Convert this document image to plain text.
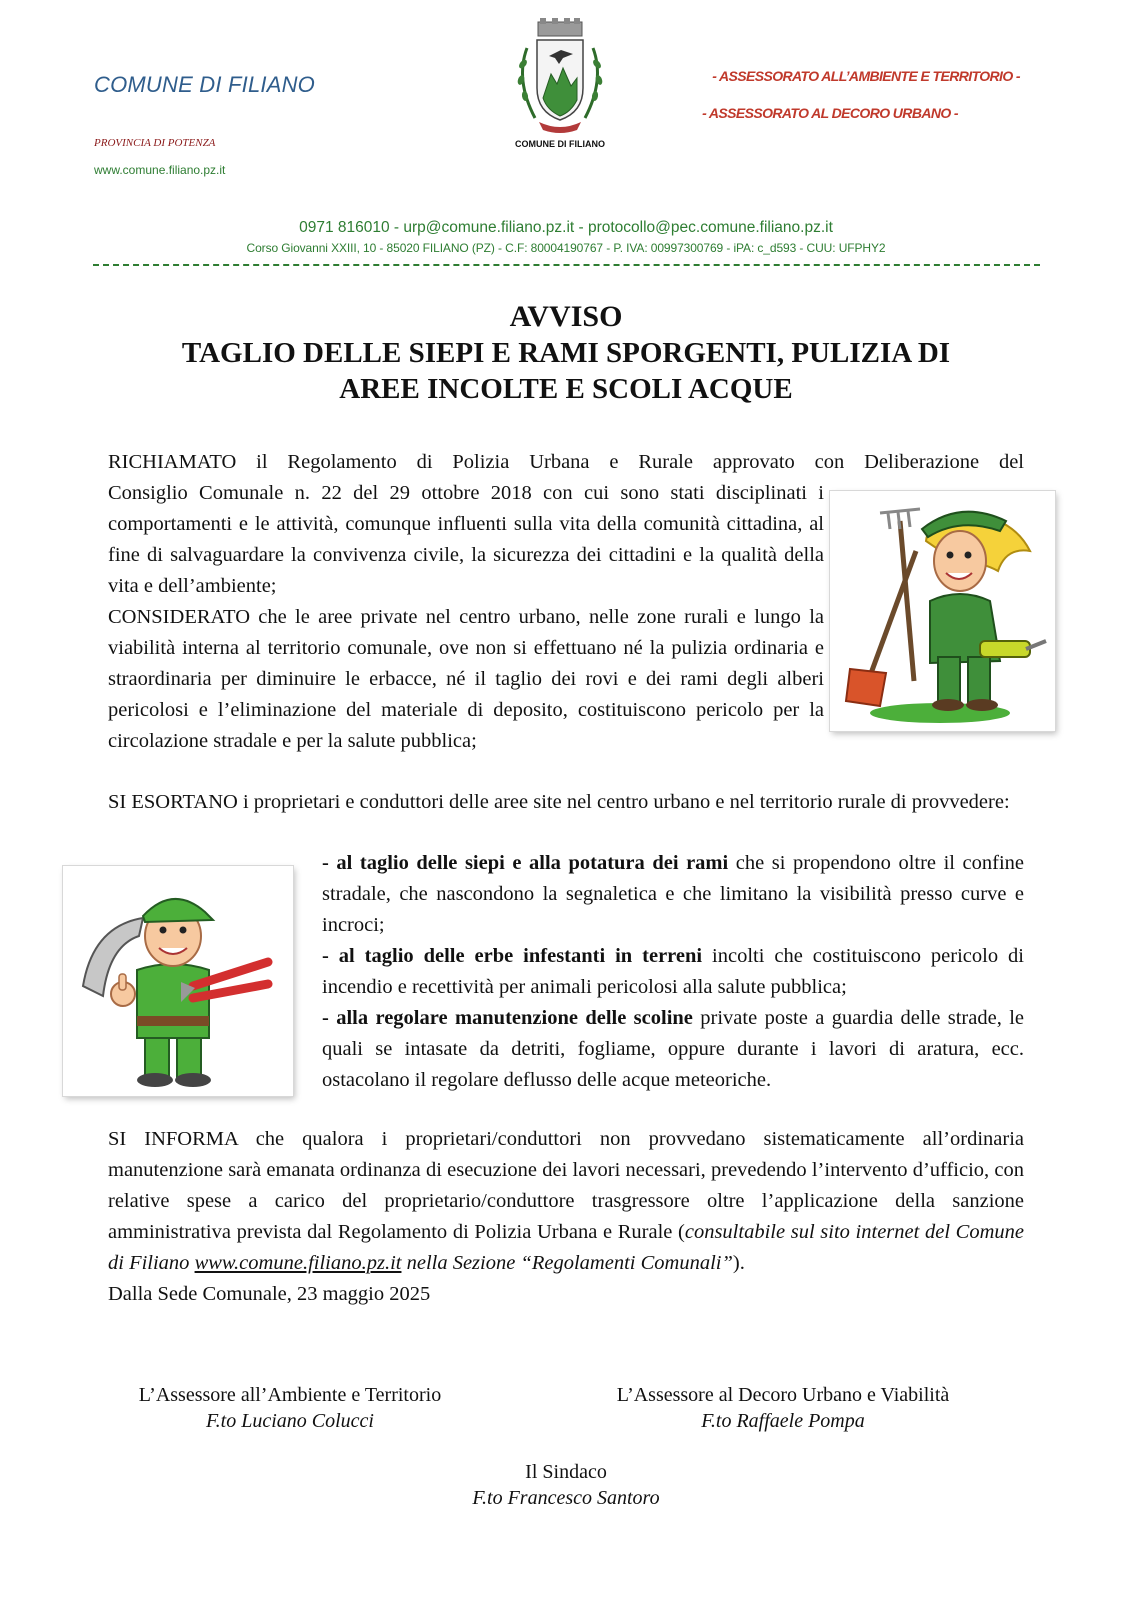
COMUNE DI FILIANO
PROVINCIA DI POTENZA
www.comune.filiano.pz.it
COMUNE DI FILIANO
- ASSESSORATO ALL’AMBIENTE E TERRITORIO -
- ASSESSORATO AL DECORO URBANO -
0971 816010 - urp@comune.filiano.pz.it - protocollo@pec.comune.filiano.pz.it
Corso Giovanni XXIII, 10 - 85020 FILIANO (PZ) - C.F: 80004190767 - P. IVA: 00997300769 - iPA: c_d593 - CUU: UFPHY2
AVVISO
TAGLIO DELLE SIEPI E RAMI SPORGENTI, PULIZIA DI
AREE INCOLTE E SCOLI ACQUE
RICHIAMATO il Regolamento di Polizia Urbana e Rurale approvato con Deliberazione del
Consiglio Comunale n. 22 del 29 ottobre 2018 con cui sono stati disciplinati i comportamenti e le attività, comunque influenti sulla vita della comunità cittadina, al fine di salvaguardare la convivenza civile, la sicurezza dei cittadini e la qualità della vita e dell’ambiente;
CONSIDERATO che le aree private nel centro urbano, nelle zone rurali e lungo la viabilità interna al territorio comunale, ove non si effettuano né la pulizia ordinaria e straordinaria per diminuire le erbacce, né il taglio dei rovi e dei rami degli alberi pericolosi e l’eliminazione del materiale di deposito, costituiscono pericolo per la circolazione stradale e per la salute pubblica;
SI ESORTANO i proprietari e conduttori delle aree site nel centro urbano e nel territorio rurale di provvedere:

- al taglio delle siepi e alla potatura dei rami che si propendono oltre il confine stradale, che nascondono la segnaletica e che limitano la visibilità presso curve e incroci;

- al taglio delle erbe infestanti in terreni incolti che costituiscono pericolo di incendio e recettività per animali pericolosi alla salute pubblica;

- alla regolare manutenzione delle scoline private poste a guardia delle strade, le quali se intasate da detriti, fogliame, oppure durante i lavori di aratura, ecc. ostacolano il regolare deflusso delle acque meteoriche.

SI INFORMA che qualora i proprietari/conduttori non provvedano sistematicamente all’ordinaria manutenzione sarà emanata ordinanza di esecuzione dei lavori necessari, prevedendo l’intervento d’ufficio, con relative spese a carico del proprietario/conduttore trasgressore oltre l’applicazione della sanzione amministrativa prevista dal Regolamento di Polizia Urbana e Rurale (consultabile sul sito internet del Comune di Filiano www.comune.filiano.pz.it nella Sezione “Regolamenti Comunali”).

Dalla Sede Comunale, 23 maggio 2025

L’Assessore all’Ambiente e Territorio
F.to Luciano Colucci
L’Assessore al Decoro Urbano e Viabilità
F.to Raffaele Pompa
Il Sindaco
F.to Francesco Santoro
